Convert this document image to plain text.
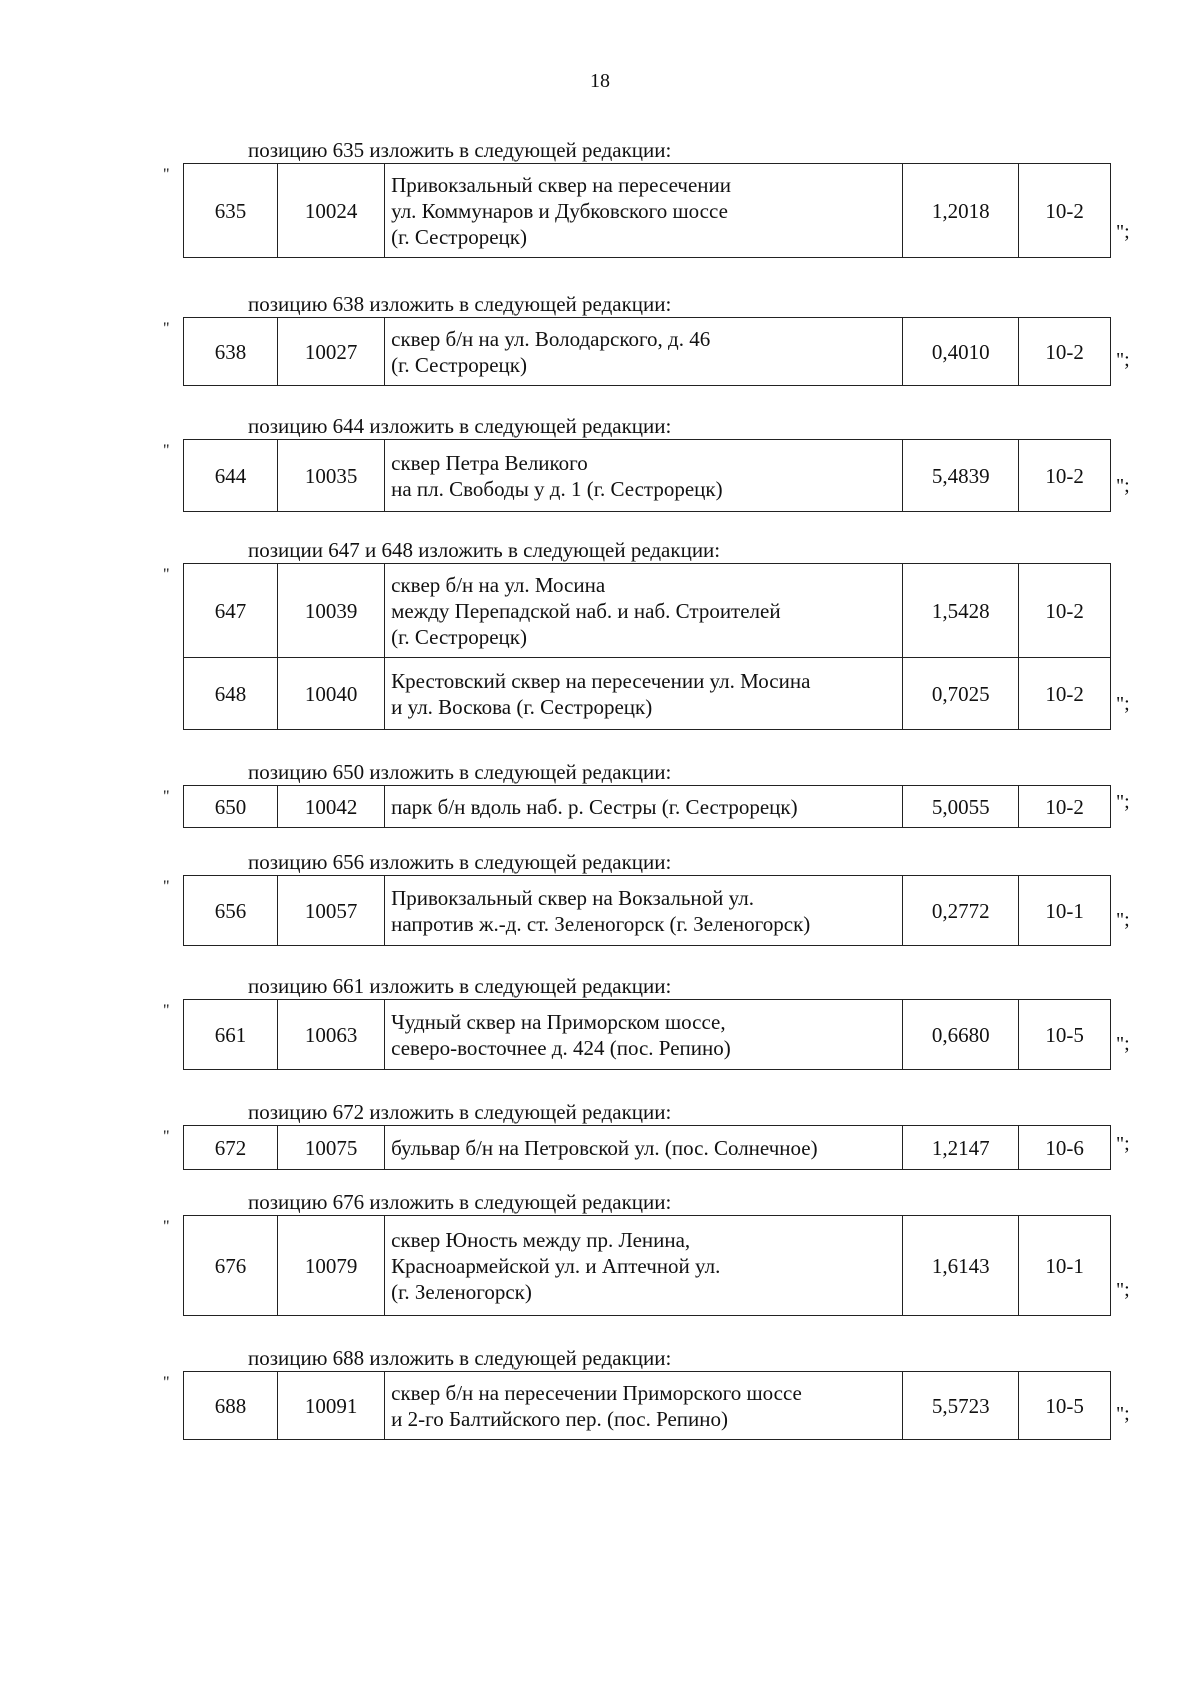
18
позицию 635 изложить в следующей редакции:
"
635	10024	
Привокзальный сквер на пересечении
ул. Коммунаров и Дубковского шоссе
(г. Сестрорецк)
	1,2018	10-2
";
позицию 638 изложить в следующей редакции:
"
638	10027	
сквер б/н на ул. Володарского, д. 46
(г. Сестрорецк)
	0,4010	10-2 ";
позицию 644 изложить в следующей редакции:
"
644	10035	
сквер Петра Великого
на пл. Свободы у д. 1 (г. Сестрорецк)
	5,4839	10-2 ";
позиции 647 и 648 изложить в следующей редакции:
"
647	10039	сквер б/н на ул. Мосина
между Перепадской наб. и наб. Строителей
(г. Сестрорецк)	1,5428	10-2
648	10040	Крестовский сквер на пересечении ул. Мосина
и ул. Воскова (г. Сестрорецк)	0,7025	10-2 ";
позицию 650 изложить в следующей редакции:
" 650	10042	парк б/н вдоль наб. р. Сестры (г. Сестрорецк)	5,0055	10-2 ";
позицию 656 изложить в следующей редакции:
"
656	10057	
Привокзальный сквер на Вокзальной ул.
напротив ж.-д. ст. Зеленогорск (г. Зеленогорск)
	0,2772	10-1 ";
позицию 661 изложить в следующей редакции:
"
661	10063	
Чудный сквер на Приморском шоссе,
северо-восточнее д. 424 (пос. Репино)
	0,6680	10-5 ";
позицию 672 изложить в следующей редакции:
" 672	10075	бульвар б/н на Петровской ул. (пос. Солнечное)	1,2147	10-6 ";
позицию 676 изложить в следующей редакции:
"
676	10079	
сквер Юность между пр. Ленина,
Красноармейской ул. и Аптечной ул.
(г. Зеленогорск)
	1,6143	10-1
";
позицию 688 изложить в следующей редакции:
"
688	10091	
сквер б/н на пересечении Приморского шоссе
и 2-го Балтийского пер. (пос. Репино)
	5,5723	10-5 ";
